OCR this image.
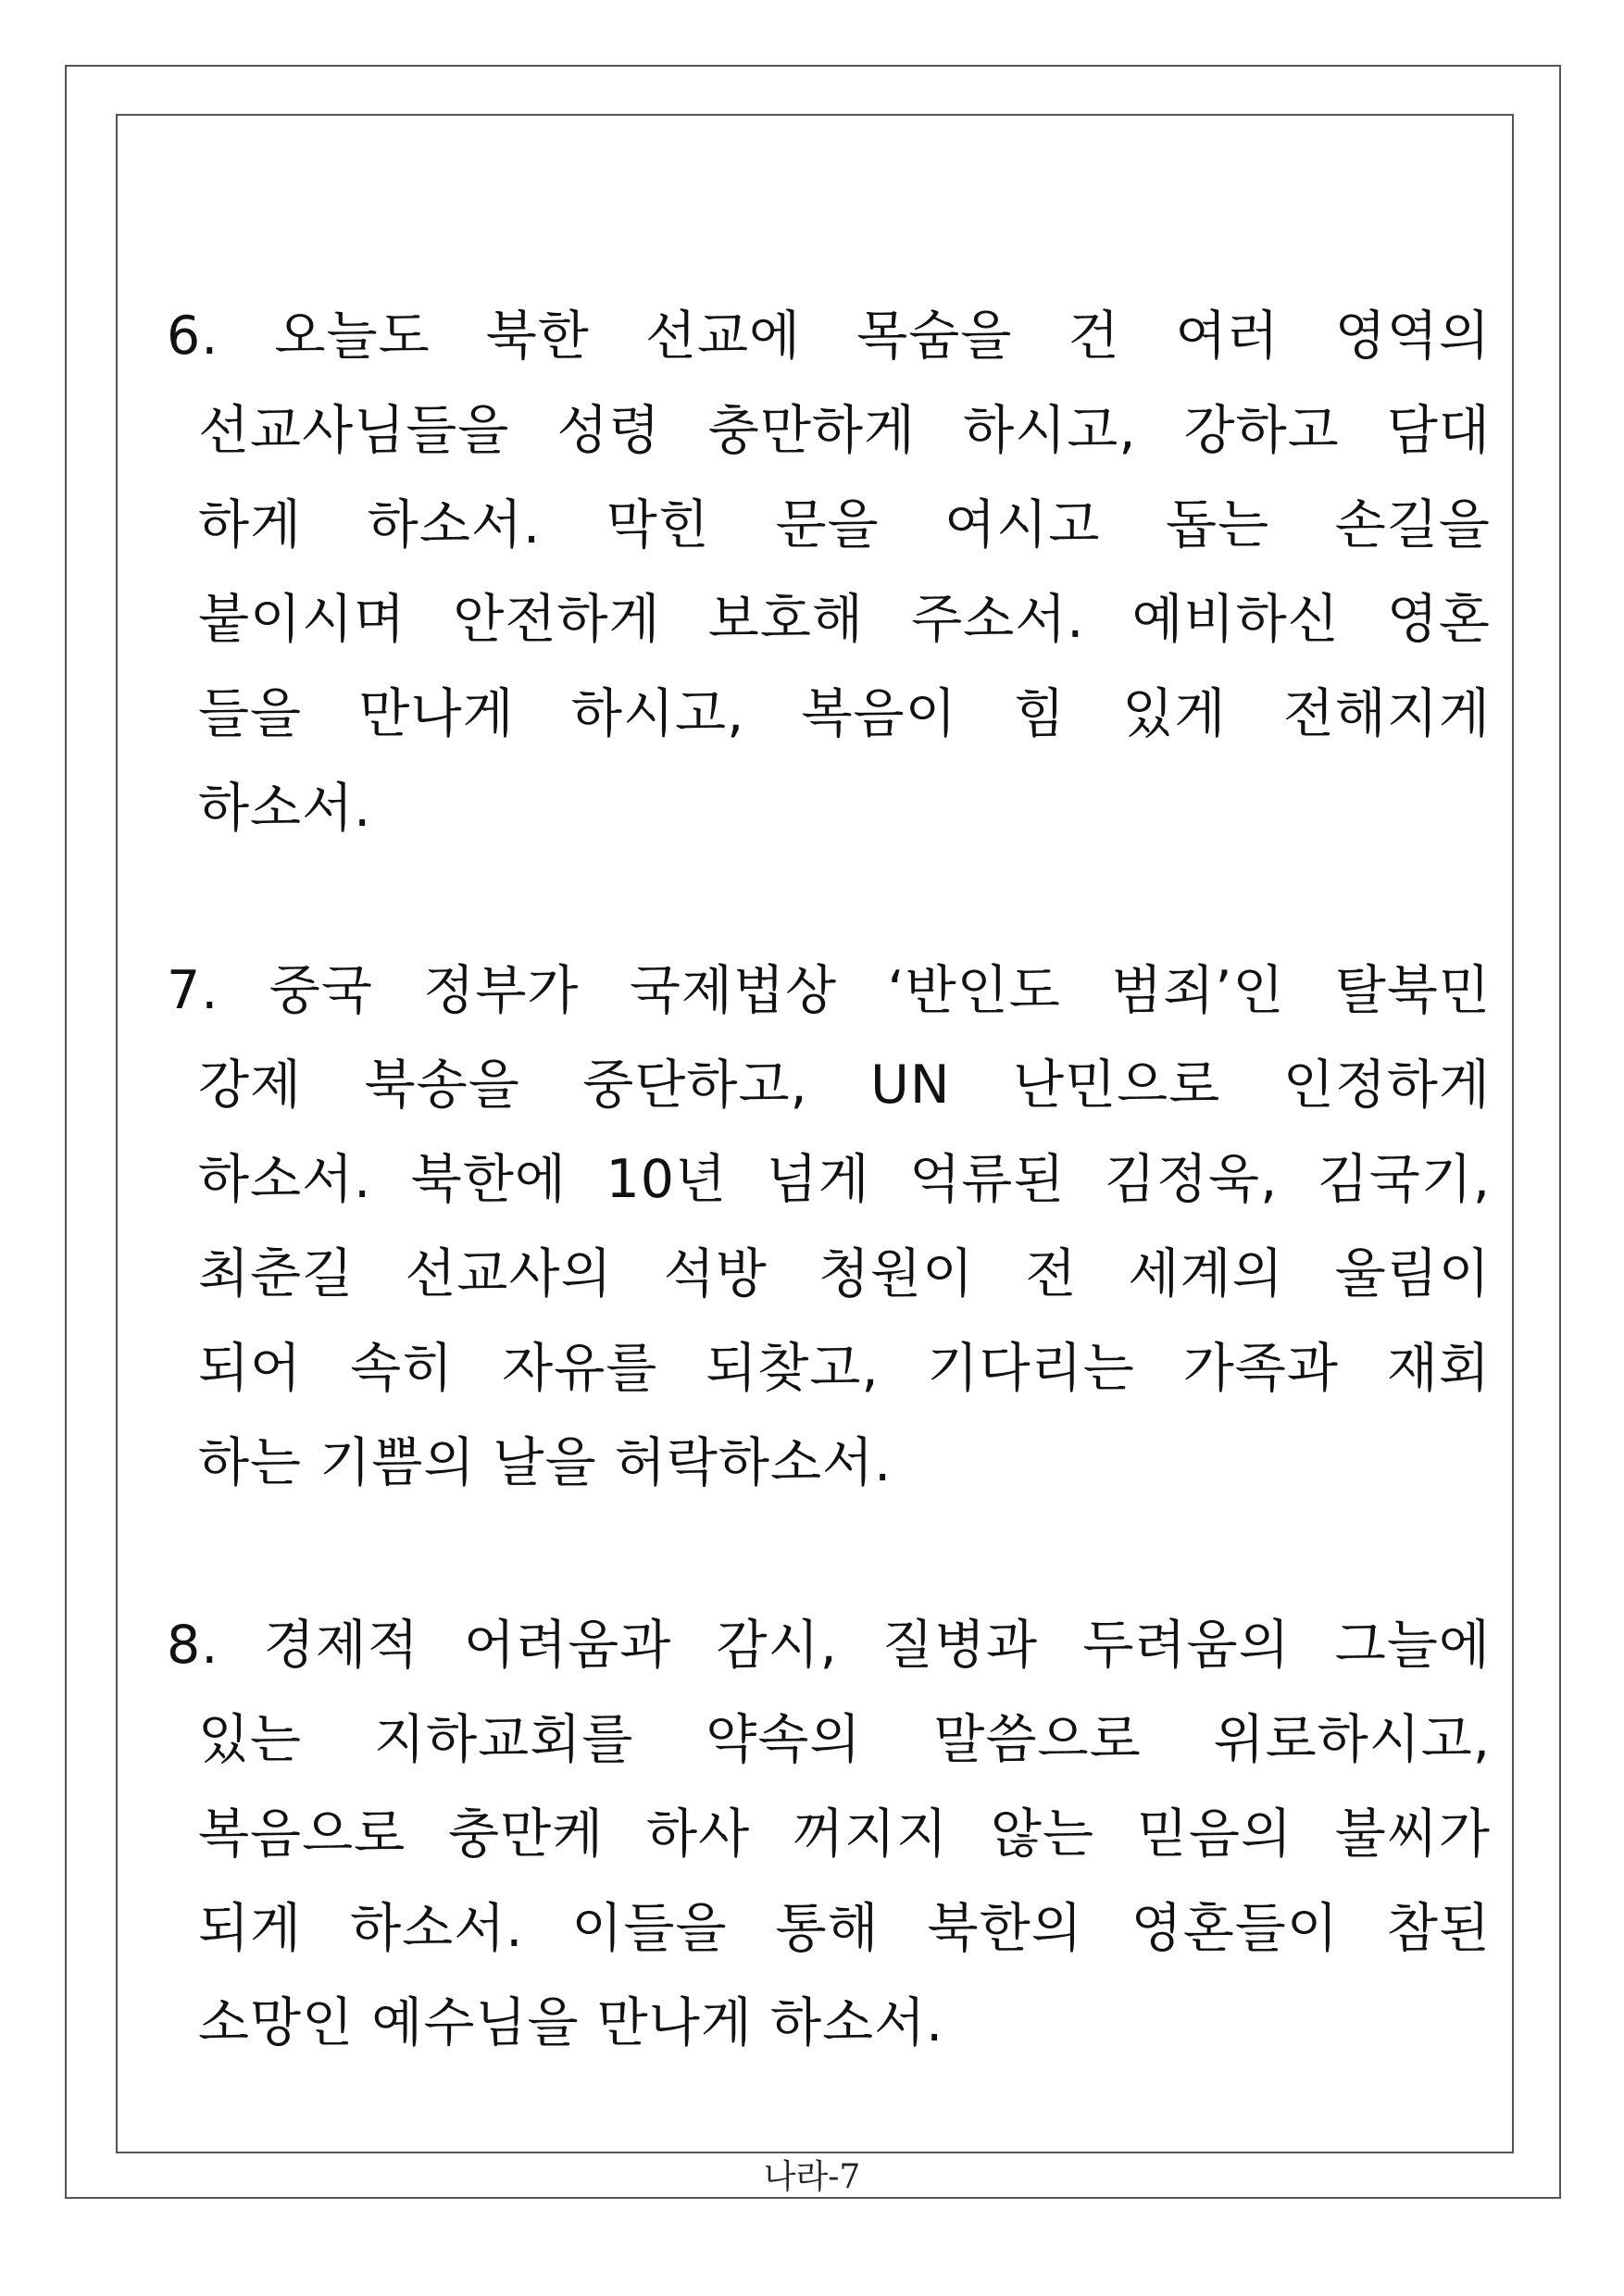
6. 오늘도 북한 선교에 목숨을 건 여러 영역의
선교사님들을 성령 충만하게 하시고, 강하고 담대
하게 하소서. 막힌 문을 여시고 돕는 손길을
붙이시며 안전하게 보호해 주소서. 예비하신 영혼
들을 만나게 하시고, 복음이 힘 있게 전해지게
하소서.
7. 중국 정부가 국제법상 ‘반인도 범죄’인 탈북민
강제 북송을 중단하고, UN 난민으로 인정하게
하소서. 북한에 10년 넘게 억류된 김정욱, 김국기,
최춘길 선교사의 석방 청원이 전 세계의 울림이
되어 속히 자유를 되찾고, 기다리는 가족과 재회
하는 기쁨의 날을 허락하소서.
8. 경제적 어려움과 감시, 질병과 두려움의 그늘에
있는 지하교회를 약속의 말씀으로 위로하시고,
복음으로 충만케 하사 꺼지지 않는 믿음의 불씨가
되게 하소서. 이들을 통해 북한의 영혼들이 참된
소망인 예수님을 만나게 하소서.
나라-7
